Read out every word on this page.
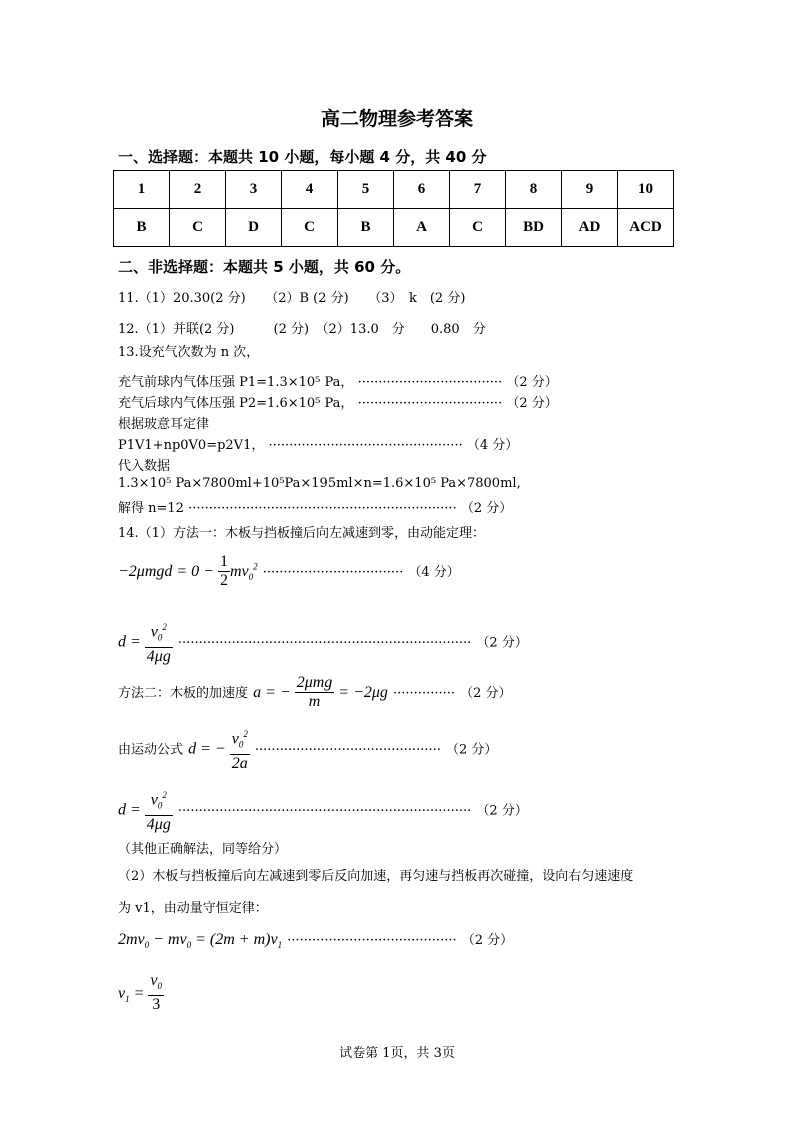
高二物理参考答案
一、选择题：本题共 10 小题，每小题 4 分，共 40 分
1	2	3	4	5	6	7	8	9	10
B	C	D	C	B	A	C	BD	AD	ACD
二、非选择题：本题共 5 小题，共 60 分。
11.（1）20.30(2 分)　　（2）B (2 分)　　（3）　k　(2 分)
12.（1）并联(2 分)　　　(2 分)　（2）13.0　分　　0.80　分
13.设充气次数为 n 次，
充气前球内气体压强 P1=1.3×10⁵ Pa， ··································· （2 分）
充气后球内气体压强 P2=1.6×10⁵ Pa， ··································· （2 分）
根据玻意耳定律
P1V1+np0V0=p2V1， ··············································· （4 分）
代入数据
1.3×10⁵ Pa×7800ml+10⁵Pa×195ml×n=1.6×10⁵ Pa×7800ml,
解得 n=12 ································································· （2 分）
14.（1）方法一：木板与挡板撞后向左减速到零，由动能定理：
$-2\mu mgd = 0 - \frac{1}{2} mv_0^2$ ·································· （4 分）
$d = \frac{v_0^2}{4\mu g}$ ······································································· （2 分）
方法二：木板的加速度 a = − $\frac{\text{2μmg}}{m} = -2\mu g$ ··············· （2 分）
由运动公式 d = − $\frac{v_0^2}{2a}$ ············································· （2 分）
$d = \frac{v_0^2}{4\mu g}$ ······································································· （2 分）
（其他正确解法，同等给分）
（2）木板与挡板撞后向左减速到零后反向加速，再匀速与挡板再次碰撞，设向右匀速速度
为 v1，由动量守恒定律：
$2mv_0 - mv_0 = (2m + m)v_1$ ········································· （2 分）
$v_1 = \frac{v_0}{3}$
试卷第 1页，共 3页
